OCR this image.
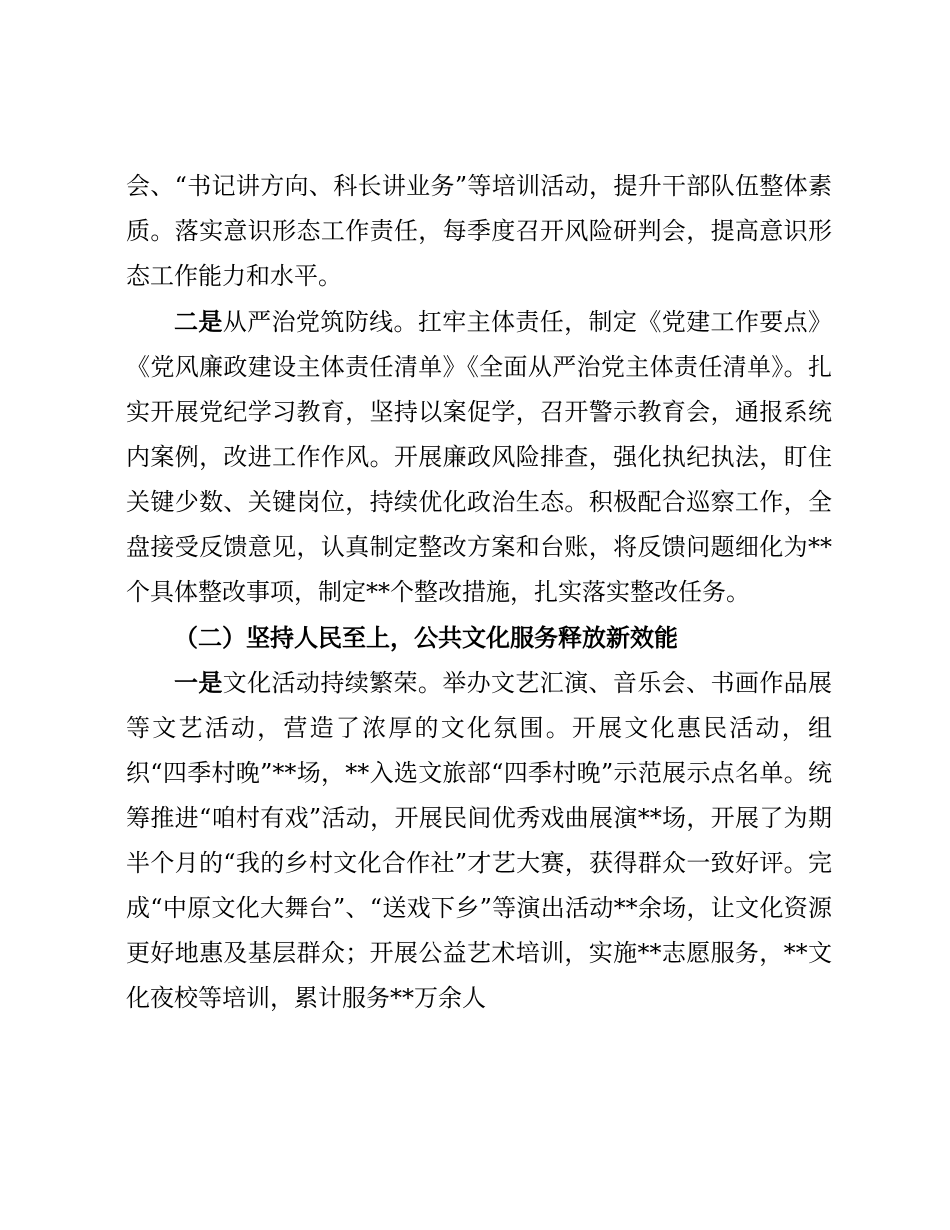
会、“书记讲方向、科长讲业务”等培训活动，提升干部队伍整体素质。落实意识形态工作责任，每季度召开风险研判会，提高意识形态工作能力和水平。

二是从严治党筑防线。扛牢主体责任，制定《党建工作要点》《党风廉政建设主体责任清单》《全面从严治党主体责任清单》。扎实开展党纪学习教育，坚持以案促学，召开警示教育会，通报系统内案例，改进工作作风。开展廉政风险排查，强化执纪执法，盯住关键少数、关键岗位，持续优化政治生态。积极配合巡察工作，全盘接受反馈意见，认真制定整改方案和台账，将反馈问题细化为**个具体整改事项，制定**个整改措施，扎实落实整改任务。

（二）坚持人民至上，公共文化服务释放新效能

一是文化活动持续繁荣。举办文艺汇演、音乐会、书画作品展等文艺活动，营造了浓厚的文化氛围。开展文化惠民活动，组织“四季村晚”**场，**入选文旅部“四季村晚”示范展示点名单。统筹推进“咱村有戏”活动，开展民间优秀戏曲展演**场，开展了为期半个月的“我的乡村文化合作社”才艺大赛，获得群众一致好评。完成“中原文化大舞台”、“送戏下乡”等演出活动**余场，让文化资源更好地惠及基层群众；开展公益艺术培训，实施**志愿服务，**文化夜校等培训，累计服务**万余人
